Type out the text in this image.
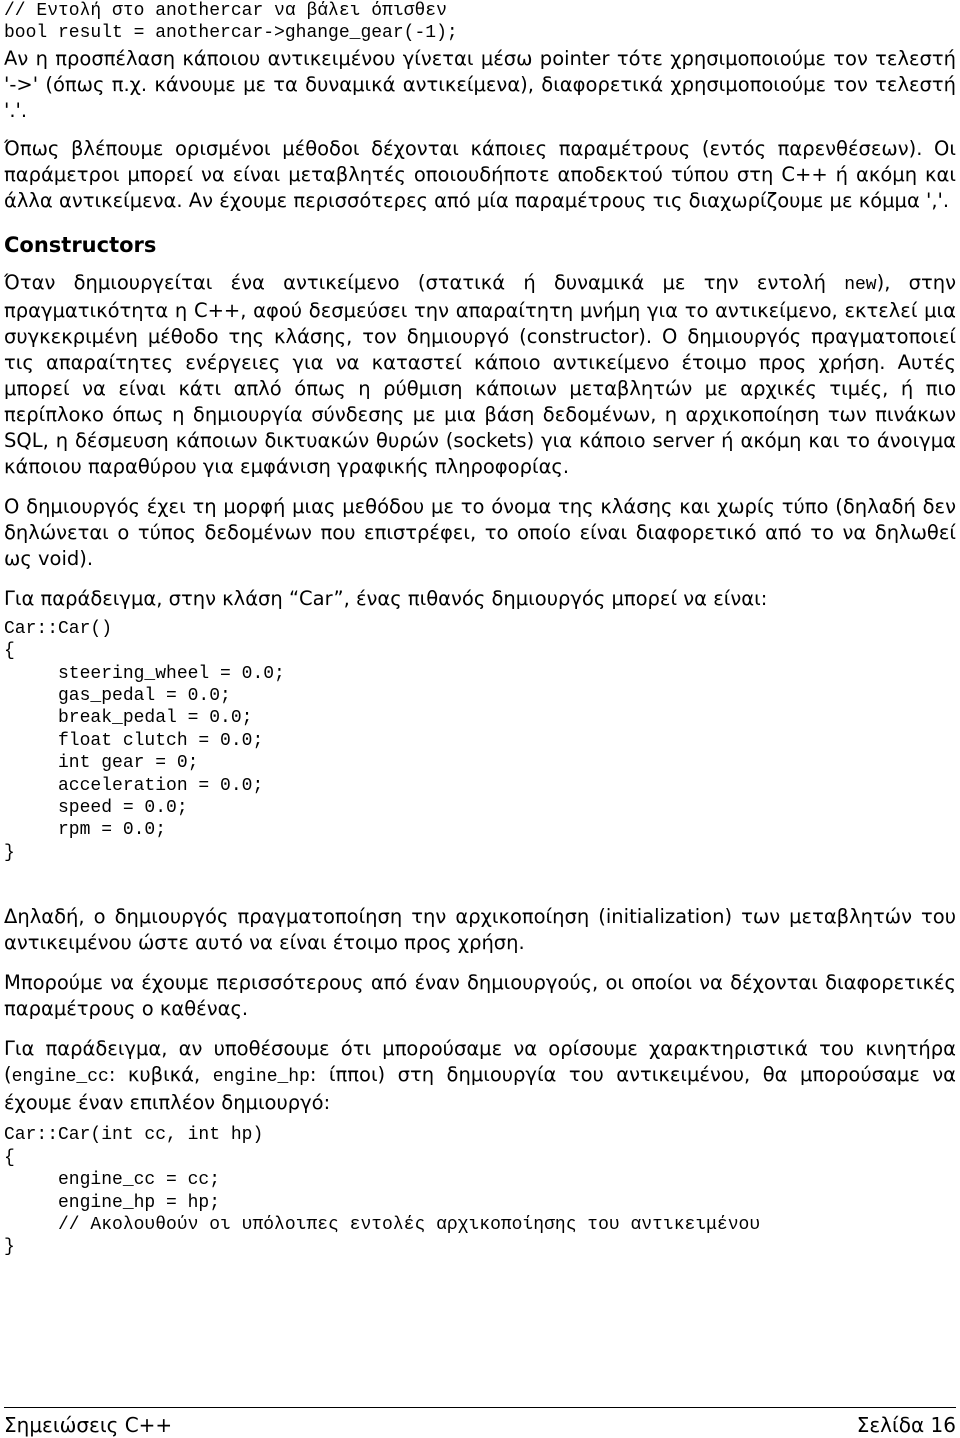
// Εντολή στο anothercar να βάλει όπισθεν
bool result = anothercar->ghange_gear(-1);

Αν η προσπέλαση κάποιου αντικειμένου γίνεται μέσω pointer τότε χρησιμοποιούμε τον τελεστή '->' (όπως π.χ. κάνουμε με τα δυναμικά αντικείμενα), διαφορετικά χρησιμοποιούμε τον τελεστή '.'.

Όπως βλέπουμε ορισμένοι μέθοδοι δέχονται κάποιες παραμέτρους (εντός παρενθέσεων). Οι παράμετροι μπορεί να είναι μεταβλητές οποιουδήποτε αποδεκτού τύπου στη C++ ή ακόμη και άλλα αντικείμενα. Αν έχουμε περισσότερες από μία παραμέτρους τις διαχωρίζουμε με κόμμα ','.

Constructors

Όταν δημιουργείται ένα αντικείμενο (στατικά ή δυναμικά με την εντολή new), στην πραγματικότητα η C++, αφού δεσμεύσει την απαραίτητη μνήμη για το αντικείμενο, εκτελεί μια συγκεκριμένη μέθοδο της κλάσης, τον δημιουργό (constructor). Ο δημιουργός πραγματοποιεί τις απαραίτητες ενέργειες για να καταστεί κάποιο αντικείμενο έτοιμο προς χρήση. Αυτές μπορεί να είναι κάτι απλό όπως η ρύθμιση κάποιων μεταβλητών με αρχικές τιμές, ή πιο περίπλοκο όπως η δημιουργία σύνδεσης με μια βάση δεδομένων, η αρχικοποίηση των πινάκων SQL, η δέσμευση κάποιων δικτυακών θυρών (sockets) για κάποιο server ή ακόμη και το άνοιγμα κάποιου παραθύρου για εμφάνιση γραφικής πληροφορίας.

Ο δημιουργός έχει τη μορφή μιας μεθόδου με το όνομα της κλάσης και χωρίς τύπο (δηλαδή δεν δηλώνεται ο τύπος δεδομένων που επιστρέφει, το οποίο είναι διαφορετικό από το να δηλωθεί ως void).

Για παράδειγμα, στην κλάση “Car”, ένας πιθανός δημιουργός μπορεί να είναι:

Car::Car()
{
steering_wheel = 0.0;
gas_pedal = 0.0;
break_pedal = 0.0;
float clutch = 0.0;
int gear = 0;
acceleration = 0.0;
speed = 0.0;
rpm = 0.0;
}

Δηλαδή, ο δημιουργός πραγματοποίηση την αρχικοποίηση (initialization) των μεταβλητών του αντικειμένου ώστε αυτό να είναι έτοιμο προς χρήση.

Μπορούμε να έχουμε περισσότερους από έναν δημιουργούς, οι οποίοι να δέχονται διαφορετικές παραμέτρους ο καθένας.

Για παράδειγμα, αν υποθέσουμε ότι μπορούσαμε να ορίσουμε χαρακτηριστικά του κινητήρα (engine_cc: κυβικά, engine_hp: ίπποι) στη δημιουργία του αντικειμένου, θα μπορούσαμε να έχουμε έναν επιπλέον δημιουργό:

Car::Car(int cc, int hp)
{
engine_cc = cc;
engine_hp = hp;
// Ακολουθούν οι υπόλοιπες εντολές αρχικοποίησης του αντικειμένου
}
Σημειώσεις C++	Σελίδα 16
